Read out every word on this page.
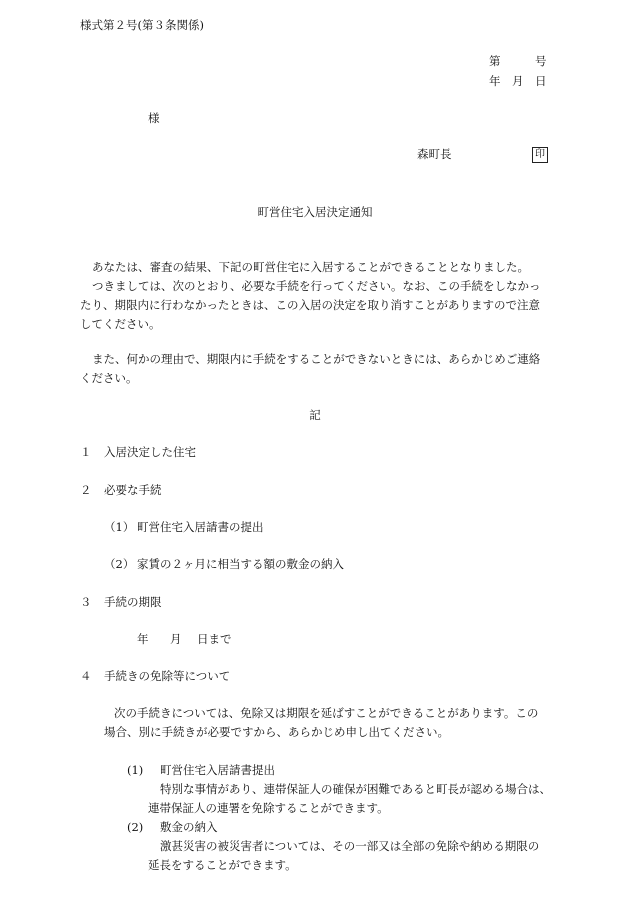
様式第２号(第３条関係)
第	号
年 月 日
様
森町長	印
町営住宅入居決定通知
あなたは、審査の結果、下記の町営住宅に入居することができることとなりました。
つきましては、次のとおり、必要な手続を行ってください。なお、この手続をしなかっ
たり、期限内に行わなかったときは、この入居の決定を取り消すことがありますので注意
してください。
また、何かの理由で、期限内に手続をすることができないときには、あらかじめご連絡
ください。
記
１ 入居決定した住宅
２ 必要な手続
（1） 町営住宅入居請書の提出
（2） 家賃の２ヶ月に相当する額の敷金の納入
３ 手続の期限
年 月 日まで
４ 手続きの免除等について
次の手続きについては、免除又は期限を延ばすことができることがあります。この
場合、別に手続きが必要ですから、あらかじめ申し出てください。
(1) 町営住宅入居請書提出
特別な事情があり、連帯保証人の確保が困難であると町長が認める場合は、
連帯保証人の連署を免除することができます。
(2) 敷金の納入
激甚災害の被災害者については、その一部又は全部の免除や納める期限の
延長をすることができます。
